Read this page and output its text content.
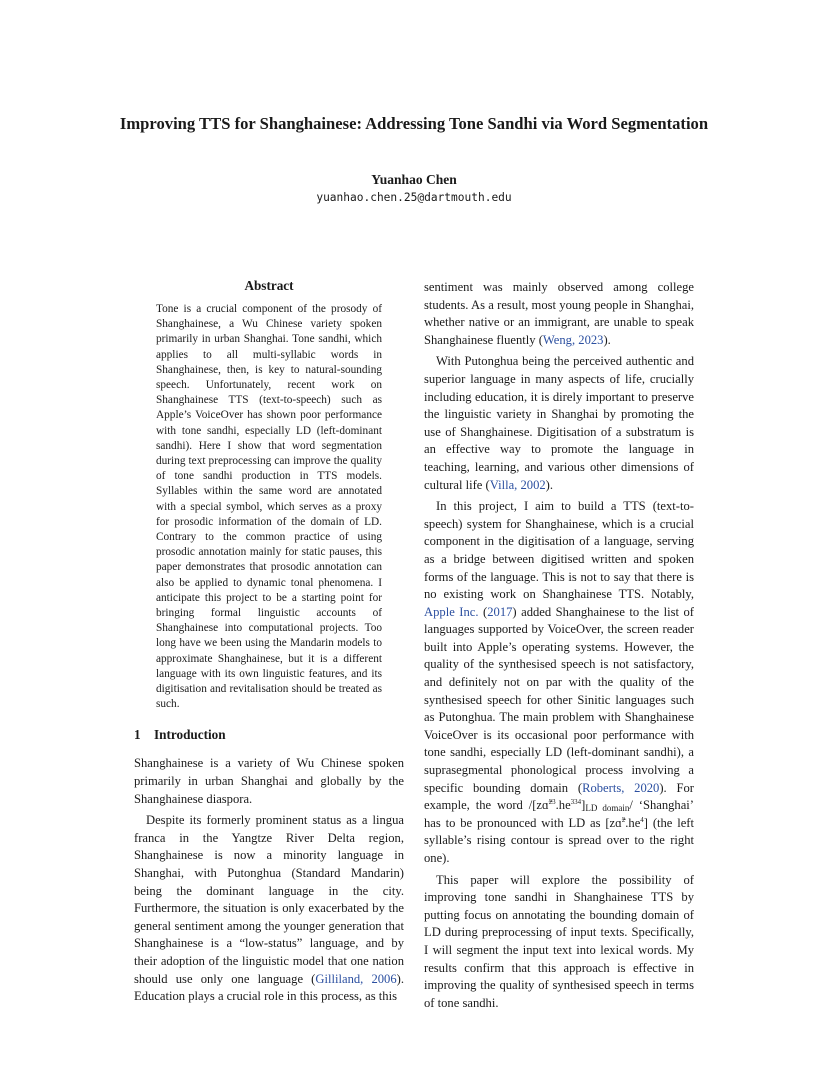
Improving TTS for Shanghainese: Addressing Tone Sandhi via Word Segmentation
Yuanhao Chen
yuanhao.chen.25@dartmouth.edu
Abstract

Tone is a crucial component of the prosody of Shanghainese, a Wu Chinese variety spoken primarily in urban Shanghai. Tone sandhi, which applies to all multi-syllabic words in Shanghainese, then, is key to natural-sounding speech. Unfortunately, recent work on Shanghainese TTS (text-to-speech) such as Apple’s VoiceOver has shown poor performance with tone sandhi, especially LD (left-dominant sandhi). Here I show that word segmentation during text preprocessing can improve the quality of tone sandhi production in TTS models. Syllables within the same word are annotated with a special symbol, which serves as a proxy for prosodic information of the domain of LD. Contrary to the common practice of using prosodic annotation mainly for static pauses, this paper demonstrates that prosodic annotation can also be applied to dynamic tonal phenomena. I anticipate this project to be a starting point for bringing formal linguistic accounts of Shanghainese into computational projects. Too long have we been using the Mandarin models to approximate Shanghainese, but it is a different language with its own linguistic features, and its digitisation and revitalisation should be treated as such.

1 Introduction

Shanghainese is a variety of Wu Chinese spoken primarily in urban Shanghai and globally by the Shanghainese diaspora.

Despite its formerly prominent status as a lingua franca in the Yangtze River Delta region, Shanghainese is now a minority language in Shanghai, with Putonghua (Standard Mandarin) being the dominant language in the city. Furthermore, the situation is only exacerbated by the general sentiment among the younger generation that Shanghainese is a “low-status” language, and by their adoption of the linguistic model that one nation should use only one language (Gilliland, 2006). Education plays a crucial role in this process, as this

sentiment was mainly observed among college students. As a result, most young people in Shanghai, whether native or an immigrant, are unable to speak Shanghainese fluently (Weng, 2023).

With Putonghua being the perceived authentic and superior language in many aspects of life, crucially including education, it is direly important to preserve the linguistic variety in Shanghai by promoting the use of Shanghainese. Digitisation of a substratum is an effective way to promote the language in teaching, learning, and various other dimensions of cultural life (Villa, 2002).

In this project, I aim to build a TTS (text-to-speech) system for Shanghainese, which is a crucial component in the digitisation of a language, serving as a bridge between digitised written and spoken forms of the language. This is not to say that there is no existing work on Shanghainese TTS. Notably, Apple Inc. (2017) added Shanghainese to the list of languages supported by VoiceOver, the screen reader built into Apple’s operating systems. However, the quality of the synthesised speech is not satisfactory, and definitely not on par with the quality of the synthesised speech for other Sinitic languages such as Putonghua. The main problem with Shanghainese VoiceOver is its occasional poor performance with tone sandhi, especially LD (left-dominant sandhi), a suprasegmental phonological process involving a specific bounding domain (Roberts, 2020). For example, the word $/[zɑ̃^{23}.he^{334}]_{LD domain}/$ ‘Shanghai’ has to be pronounced with LD as $[zɑ̃^2.he^4]$ (the left syllable’s rising contour is spread over to the right one).

This paper will explore the possibility of improving tone sandhi in Shanghainese TTS by putting focus on annotating the bounding domain of LD during preprocessing of input texts. Specifically, I will segment the input text into lexical words. My results confirm that this approach is effective in improving the quality of synthesised speech in terms of tone sandhi.
